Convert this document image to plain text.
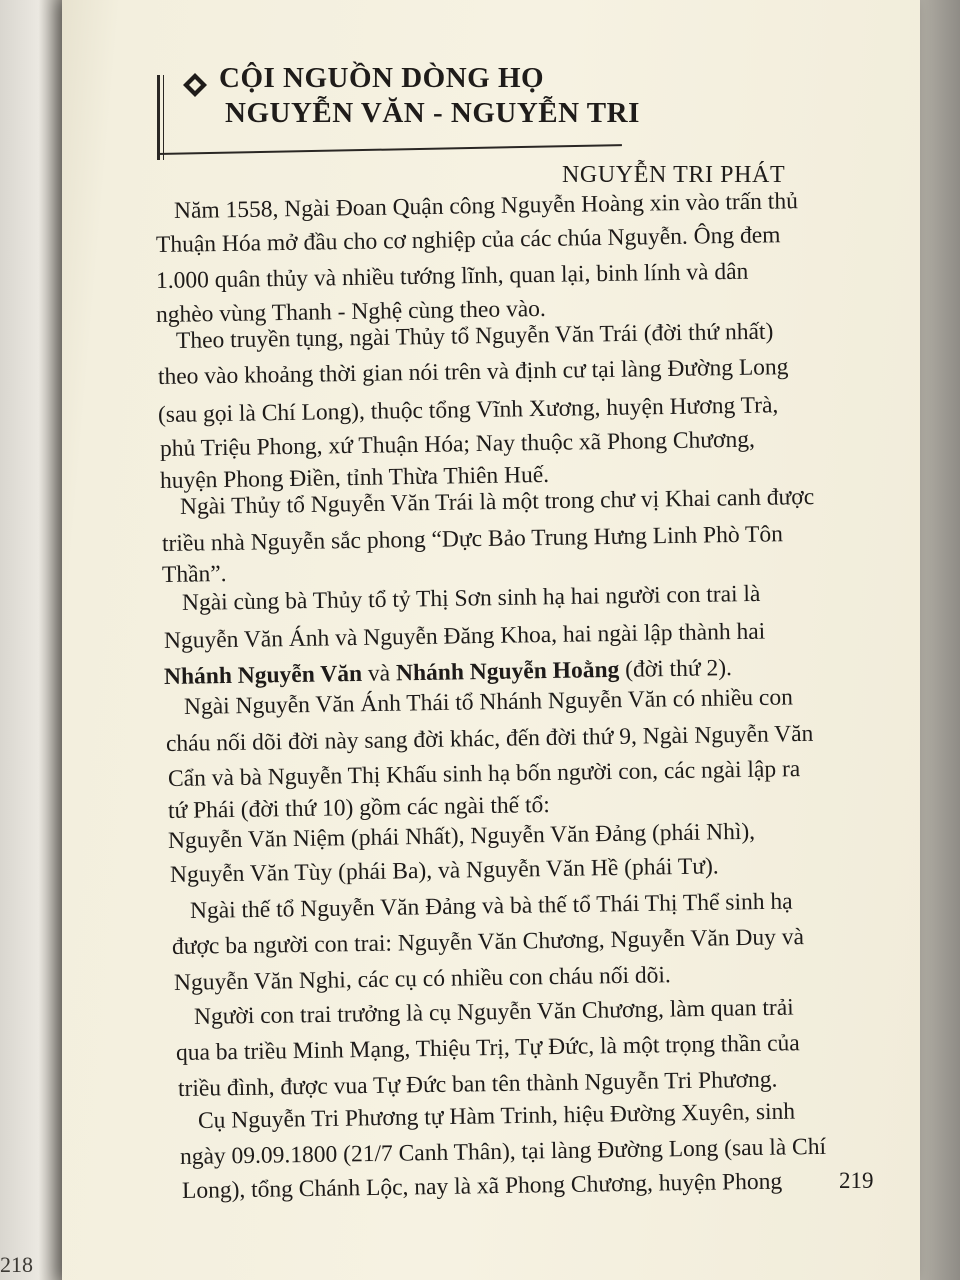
218
CỘI NGUỒN DÒNG HỌ
NGUYỄN VĂN - NGUYỄN TRI
NGUYỄN TRI PHÁT
Năm 1558, Ngài Đoan Quận công Nguyễn Hoàng xin vào trấn thủ
Thuận Hóa mở đầu cho cơ nghiệp của các chúa Nguyễn. Ông đem
1.000 quân thủy và nhiều tướng lĩnh, quan lại, binh lính và dân
nghèo vùng Thanh - Nghệ cùng theo vào.
Theo truyền tụng, ngài Thủy tổ Nguyễn Văn Trái (đời thứ nhất)
theo vào khoảng thời gian nói trên và định cư tại làng Đường Long
(sau gọi là Chí Long), thuộc tổng Vĩnh Xương, huyện Hương Trà,
phủ Triệu Phong, xứ Thuận Hóa; Nay thuộc xã Phong Chương,
huyện Phong Điền, tỉnh Thừa Thiên Huế.
Ngài Thủy tổ Nguyễn Văn Trái là một trong chư vị Khai canh được
triều nhà Nguyễn sắc phong “Dực Bảo Trung Hưng Linh Phò Tôn
Thần”.
Ngài cùng bà Thủy tổ tỷ Thị Sơn sinh hạ hai người con trai là
Nguyễn Văn Ánh và Nguyễn Đăng Khoa, hai ngài lập thành hai
Nhánh Nguyễn Văn và Nhánh Nguyễn Hoằng (đời thứ 2).
Ngài Nguyễn Văn Ánh Thái tổ Nhánh Nguyễn Văn có nhiều con
cháu nối dõi đời này sang đời khác, đến đời thứ 9, Ngài Nguyễn Văn
Cẩn và bà Nguyễn Thị Khấu sinh hạ bốn người con, các ngài lập ra
tứ Phái (đời thứ 10) gồm các ngài thế tổ:
Nguyễn Văn Niệm (phái Nhất), Nguyễn Văn Đảng (phái Nhì),
Nguyễn Văn Tùy (phái Ba), và Nguyễn Văn Hề (phái Tư).
Ngài thế tổ Nguyễn Văn Đảng và bà thế tổ Thái Thị Thể sinh hạ
được ba người con trai: Nguyễn Văn Chương, Nguyễn Văn Duy và
Nguyễn Văn Nghi, các cụ có nhiều con cháu nối dõi.
Người con trai trưởng là cụ Nguyễn Văn Chương, làm quan trải
qua ba triều Minh Mạng, Thiệu Trị, Tự Đức, là một trọng thần của
triều đình, được vua Tự Đức ban tên thành Nguyễn Tri Phương.
Cụ Nguyễn Tri Phương tự Hàm Trinh, hiệu Đường Xuyên, sinh
ngày 09.09.1800 (21/7 Canh Thân), tại làng Đường Long (sau là Chí
Long), tổng Chánh Lộc, nay là xã Phong Chương, huyện Phong 219
